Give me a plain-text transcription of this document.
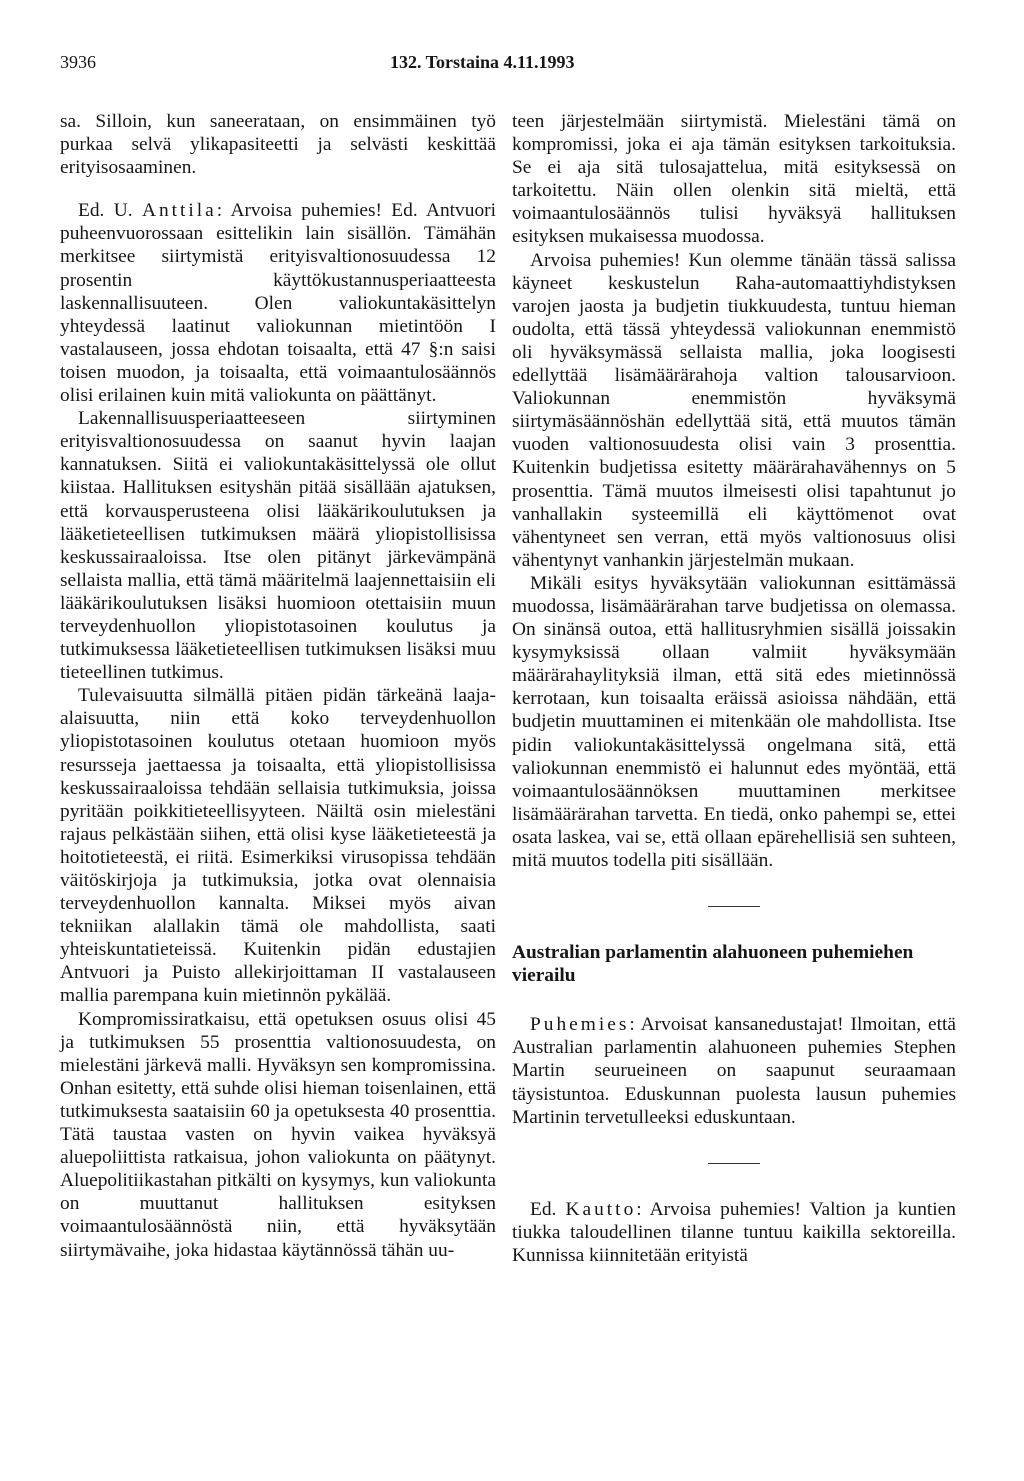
3936	132. Torstaina 4.11.1993

sa. Silloin, kun saneerataan, on ensimmäinen työ purkaa selvä ylikapasiteetti ja selvästi keskittää erityisosaaminen.

Ed. U. Anttila: Arvoisa puhemies! Ed. Antvuori puheenvuorossaan esittelikin lain sisällön. Tämähän merkitsee siirtymistä erityisvaltionosuudessa 12 prosentin käyttökustannusperiaatteesta laskennallisuuteen. Olen valiokuntakäsittelyn yhteydessä laatinut valiokunnan mietintöön I vastalauseen, jossa ehdotan toisaalta, että 47 §:n saisi toisen muodon, ja toisaalta, että voimaantulosäännös olisi erilainen kuin mitä valiokunta on päättänyt.

Lakennallisuusperiaatteeseen siirtyminen erityisvaltionosuudessa on saanut hyvin laajan kannatuksen. Siitä ei valiokuntakäsittelyssä ole ollut kiistaa. Hallituksen esityshän pitää sisällään ajatuksen, että korvausperusteena olisi lääkärikoulutuksen ja lääketieteellisen tutkimuksen määrä yliopistollisissa keskussairaaloissa. Itse olen pitänyt järkevämpänä sellaista mallia, että tämä määritelmä laajennettaisiin eli lääkärikoulutuksen lisäksi huomioon otettaisiin muun terveydenhuollon yliopistotasoinen koulutus ja tutkimuksessa lääketieteellisen tutkimuksen lisäksi muu tieteellinen tutkimus.

Tulevaisuutta silmällä pitäen pidän tärkeänä laaja-alaisuutta, niin että koko terveydenhuollon yliopistotasoinen koulutus otetaan huomioon myös resursseja jaettaessa ja toisaalta, että yliopistollisissa keskussairaaloissa tehdään sellaisia tutkimuksia, joissa pyritään poikkitieteellisyyteen. Näiltä osin mielestäni rajaus pelkästään siihen, että olisi kyse lääketieteestä ja hoitotieteestä, ei riitä. Esimerkiksi virusopissa tehdään väitöskirjoja ja tutkimuksia, jotka ovat olennaisia terveydenhuollon kannalta. Miksei myös aivan tekniikan alallakin tämä ole mahdollista, saati yhteiskuntatieteissä. Kuitenkin pidän edustajien Antvuori ja Puisto allekirjoittaman II vastalauseen mallia parempana kuin mietinnön pykälää.

Kompromissiratkaisu, että opetuksen osuus olisi 45 ja tutkimuksen 55 prosenttia valtionosuudesta, on mielestäni järkevä malli. Hyväksyn sen kompromissina. Onhan esitetty, että suhde olisi hieman toisenlainen, että tutkimuksesta saataisiin 60 ja opetuksesta 40 prosenttia. Tätä taustaa vasten on hyvin vaikea hyväksyä aluepoliittista ratkaisua, johon valiokunta on päätynyt. Aluepolitiikastahan pitkälti on kysymys, kun valiokunta on muuttanut hallituksen esityksen voimaantulosäännöstä niin, että hyväksytään siirtymävaihe, joka hidastaa käytännössä tähän uu-

teen järjestelmään siirtymistä. Mielestäni tämä on kompromissi, joka ei aja tämän esityksen tarkoituksia. Se ei aja sitä tulosajattelua, mitä esityksessä on tarkoitettu. Näin ollen olenkin sitä mieltä, että voimaantulosäännös tulisi hyväksyä hallituksen esityksen mukaisessa muodossa.

Arvoisa puhemies! Kun olemme tänään tässä salissa käyneet keskustelun Raha-automaattiyhdistyksen varojen jaosta ja budjetin tiukkuudesta, tuntuu hieman oudolta, että tässä yhteydessä valiokunnan enemmistö oli hyväksymässä sellaista mallia, joka loogisesti edellyttää lisämäärärahoja valtion talousarvioon. Valiokunnan enemmistön hyväksymä siirtymäsäännöshän edellyttää sitä, että muutos tämän vuoden valtionosuudesta olisi vain 3 prosenttia. Kuitenkin budjetissa esitetty määrärahavähennys on 5 prosenttia. Tämä muutos ilmeisesti olisi tapahtunut jo vanhallakin systeemillä eli käyttömenot ovat vähentyneet sen verran, että myös valtionosuus olisi vähentynyt vanhankin järjestelmän mukaan.

Mikäli esitys hyväksytään valiokunnan esittämässä muodossa, lisämäärärahan tarve budjetissa on olemassa. On sinänsä outoa, että hallitusryhmien sisällä joissakin kysymyksissä ollaan valmiit hyväksymään määrärahaylityksiä ilman, että sitä edes mietinnössä kerrotaan, kun toisaalta eräissä asioissa nähdään, että budjetin muuttaminen ei mitenkään ole mahdollista. Itse pidin valiokuntakäsittelyssä ongelmana sitä, että valiokunnan enemmistö ei halunnut edes myöntää, että voimaantulosäännöksen muuttaminen merkitsee lisämäärärahan tarvetta. En tiedä, onko pahempi se, ettei osata laskea, vai se, että ollaan epärehellisiä sen suhteen, mitä muutos todella piti sisällään.

Australian parlamentin alahuoneen puhemiehen vierailu

Puhemies: Arvoisat kansanedustajat! Ilmoitan, että Australian parlamentin alahuoneen puhemies Stephen Martin seurueineen on saapunut seuraamaan täysistuntoa. Eduskunnan puolesta lausun puhemies Martinin tervetulleeksi eduskuntaan.

Ed. Kautto: Arvoisa puhemies! Valtion ja kuntien tiukka taloudellinen tilanne tuntuu kaikilla sektoreilla. Kunnissa kiinnitetään erityistä
